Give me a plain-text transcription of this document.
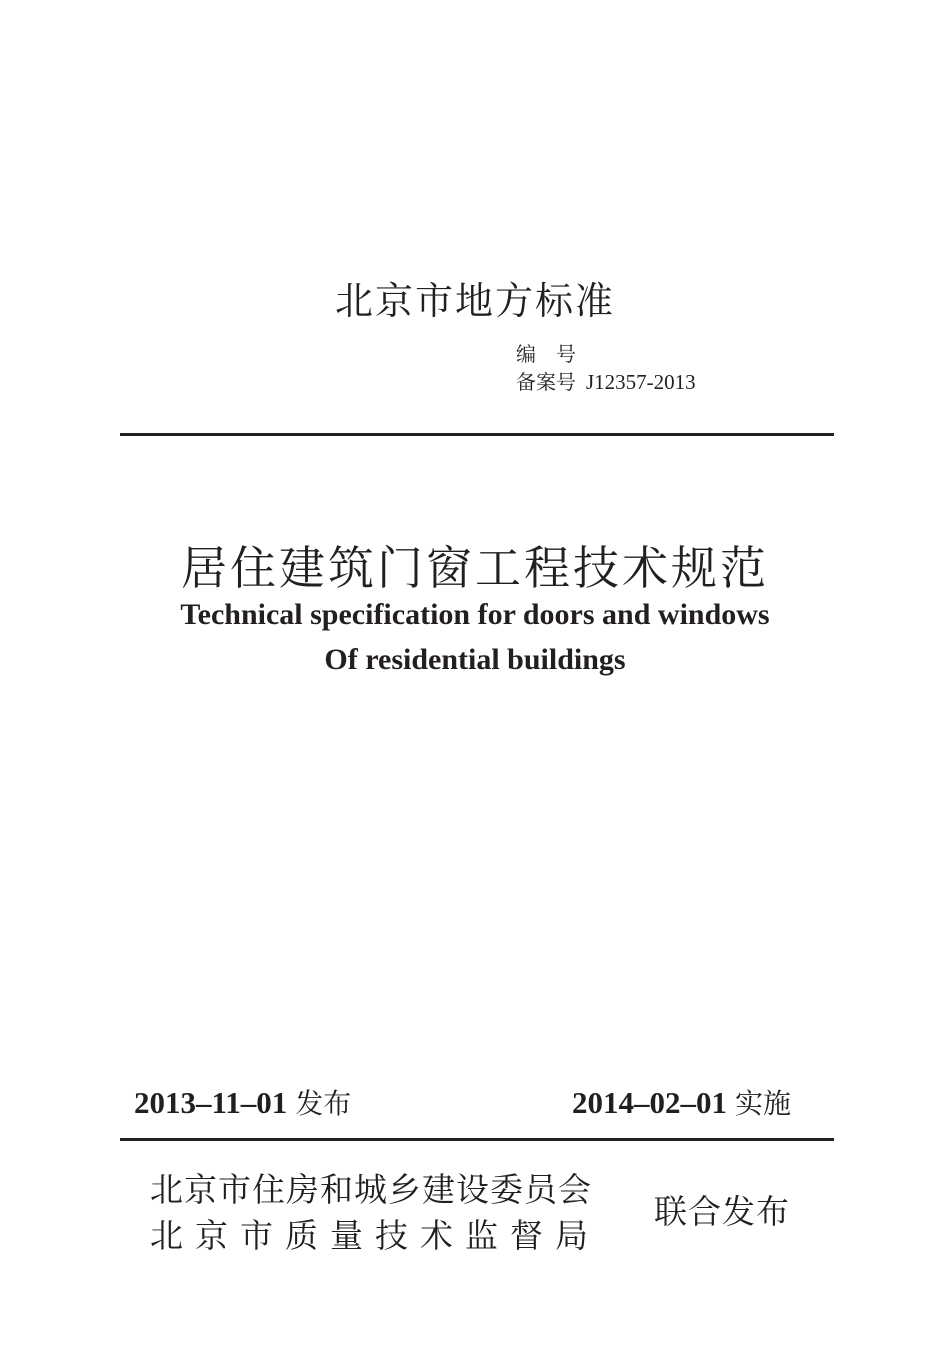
北京市地方标准
编号
备案号 J12357-2013
居住建筑门窗工程技术规范
Technical specification for doors and windows
Of residential buildings
2013–11–01 发布	2014–02–01 实施
北京市住房和城乡建设委员会
北京市质量技术监督局
联合发布
